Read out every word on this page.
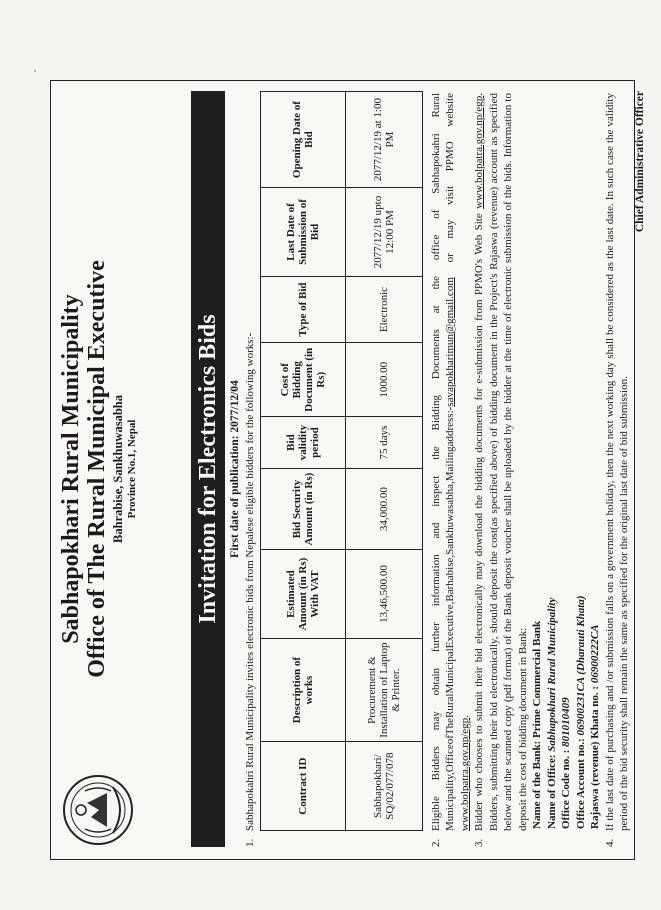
Sabhapokhari Rural Municipality Office of The Rural Municipal Executive Bahrabise, Sankhuwasabha Province No.1, Nepal Invitation for Electronics Bids First date of publication: 2077/12/04
1.Sabhapokahri Rural Municipality invites electronic bids from Nepalese eligible bidders for the following works:-	Contract ID	Description of works	Estimated Amount (in Rs) With VAT	Bid Security Amount (in Rs)	Bid validity period	Cost of Bidding Document (in Rs)	Type of Bid	Last Date of Submission of Bid	Opening Date of Bid
Sabhapokhari/ SQ/02/077/078	Procurement & Installation of Laptop & Printer.	13,46,500.00	34,000.00	75 days	1000.00	Electronic	2077/12/19 upto 12:00 PM	2077/12/19 at 1:00 PM
2.Eligible Bidders may obtain further information and inspect the Bidding Documents at the office of Sabhapokahri Rural Municipality,OfficeofTheRuralMunicipalExecutive,Barhabise,Sankhuwasabha,Mailingaddress:-savapokharimun@gmail.com or may visit PPMO website www.bolpatra.gov.np/egp.
3.Bidder who chooses to submit their bid electronically may download the bidding documents for e-submission from PPMO's Web Site www.bolpatra.gov.np/egp. Bidders, submitting their bid electronically, should deposit the cost(as specified above) of bidding document in the Project's Rajaswa (revenue) account as specified below and the scanned copy (pdf format) of the Bank deposit voucher shall be uploaded by the bidder at the time of electronic submission of the bids. Information to deposit the cost of bidding document in Bank: Name of the Bank: Prime Commercial Bank
Name of Office: Sabhapokhari Rural Municipality
Office Code no. : 801010409
Office Account no.: 06900231CA (Dharauti Khata)
Rajaswa (revenue) Khata no. : 06900222CA
4.If the last date of purchasing and /or submission falls on a government holiday, then the next working day shall be considered as the last date. In such case the validity period of the bid security shall remain the same as specified for the original last date of bid submission.
Chief Administrative Officer
